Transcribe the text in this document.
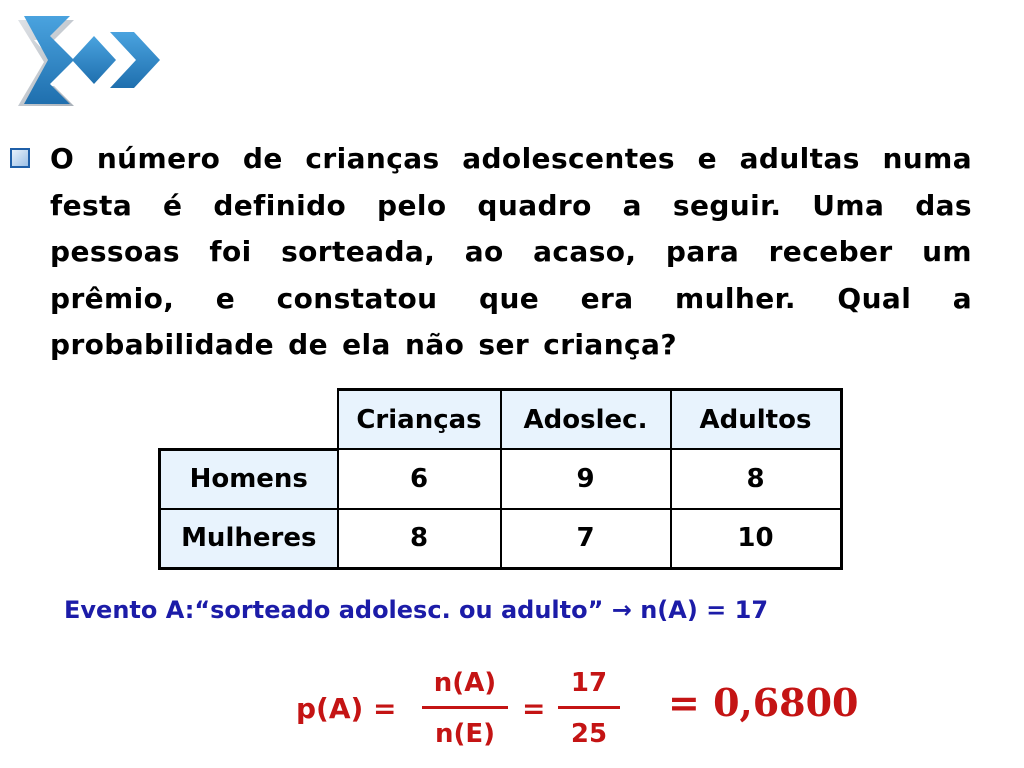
O número de crianças adolescentes e adultas numa festa é definido pelo quadro a seguir. Uma das pessoas foi sorteada, ao acaso, para receber um prêmio, e constatou que era mulher. Qual a probabilidade de ela não ser criança?
	Crianças	Adoslec.	Adultos
Homens	6	9	8
Mulheres	8	7	10
Evento A:“sorteado adolesc. ou adulto” → n(A) = 17
p(A) =
n(A)
n(E)
=
17
25
= 0,6800
